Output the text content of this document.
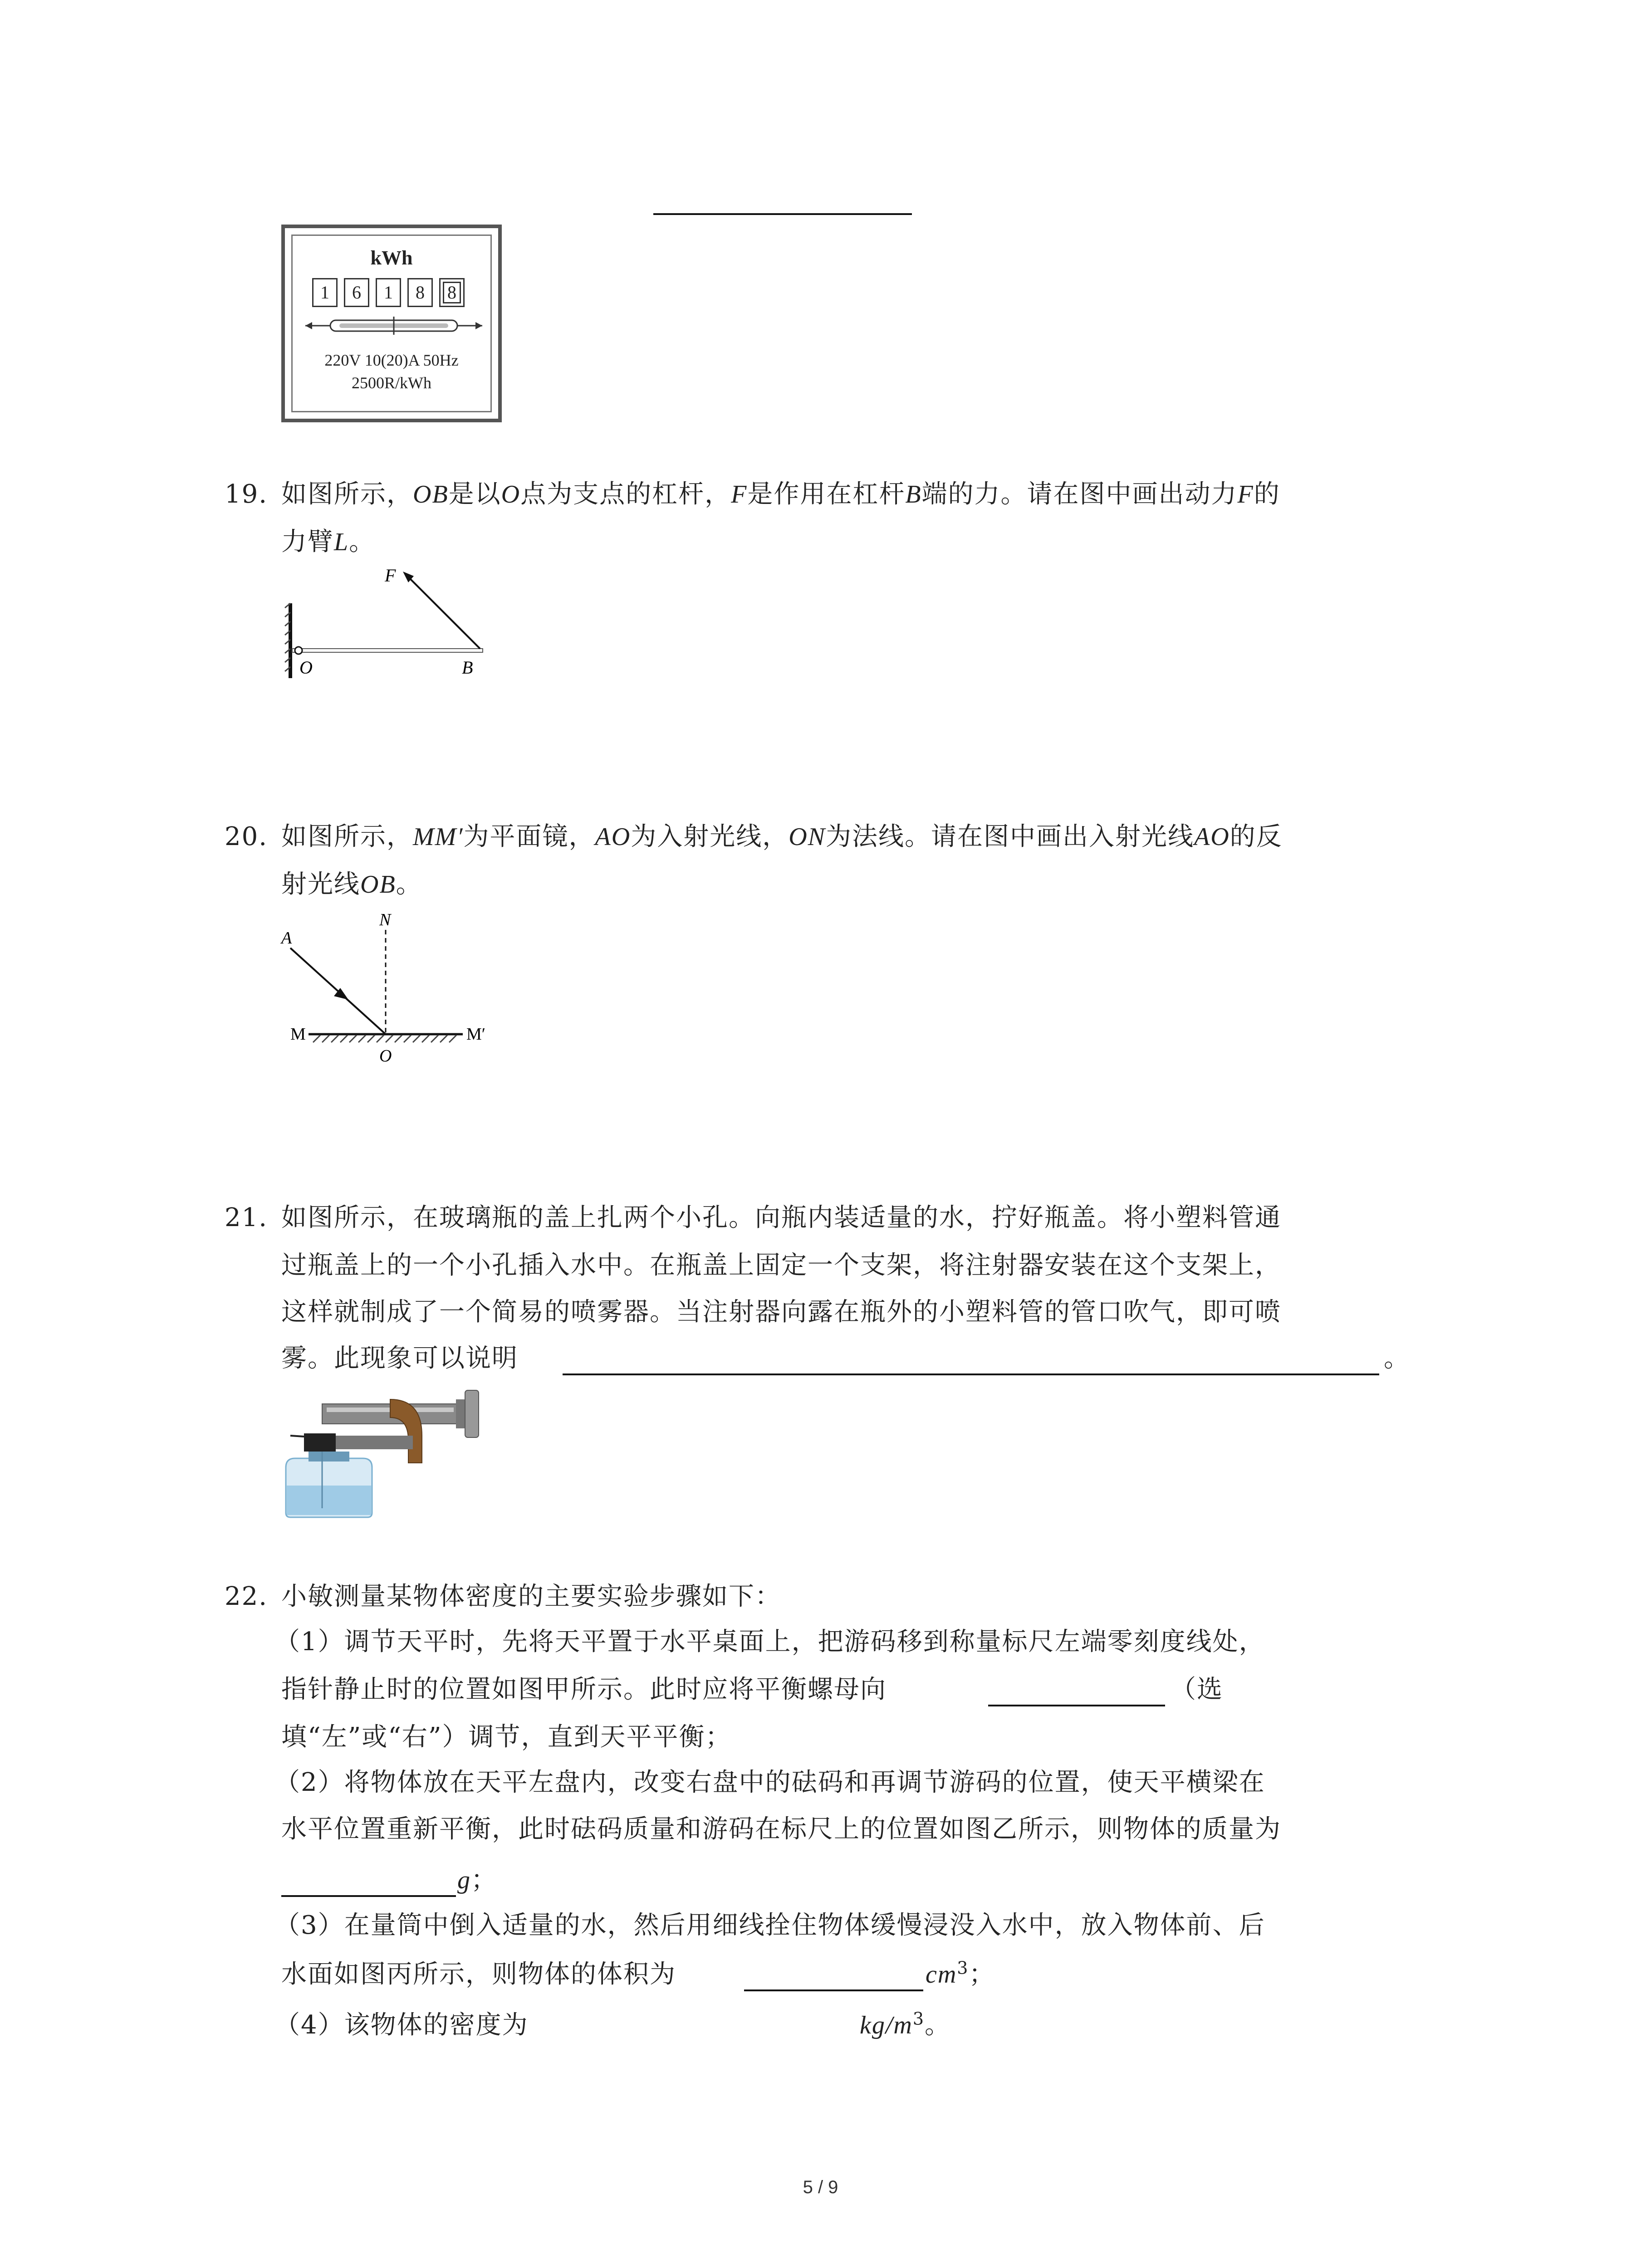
kWh
1	6	1	8	8
220V 10(20)A 50Hz
2500R/kWh
19. 如图所示，OB是以O点为支点的杠杆，F是作用在杠杆B端的力。请在图中画出动力F的
力臂L。
F
O	B
20. 如图所示，MM′为平面镜，AO为入射光线，ON为法线。请在图中画出入射光线AO的反
射光线OB。
A
N
M	M′
O
21. 如图所示，在玻璃瓶的盖上扎两个小孔。向瓶内装适量的水，拧好瓶盖。将小塑料管通
过瓶盖上的一个小孔插入水中。在瓶盖上固定一个支架，将注射器安装在这个支架上，
这样就制成了一个简易的喷雾器。当注射器向露在瓶外的小塑料管的管口吹气，即可喷
雾。此现象可以说明	。
22. 小敏测量某物体密度的主要实验步骤如下：
（1）调节天平时，先将天平置于水平桌面上，把游码移到称量标尺左端零刻度线处，
指针静止时的位置如图甲所示。此时应将平衡螺母向	（选
填“左”或“右”）调节，直到天平平衡；
（2）将物体放在天平左盘内，改变右盘中的砝码和再调节游码的位置，使天平横梁在
水平位置重新平衡，此时砝码质量和游码在标尺上的位置如图乙所示，则物体的质量为
g；
（3）在量筒中倒入适量的水，然后用细线拴住物体缓慢浸没入水中，放入物体前、后
水面如图丙所示，则物体的体积为	$cm^3$；
（4）该物体的密度为	$kg/m^3$。
5 / 9
